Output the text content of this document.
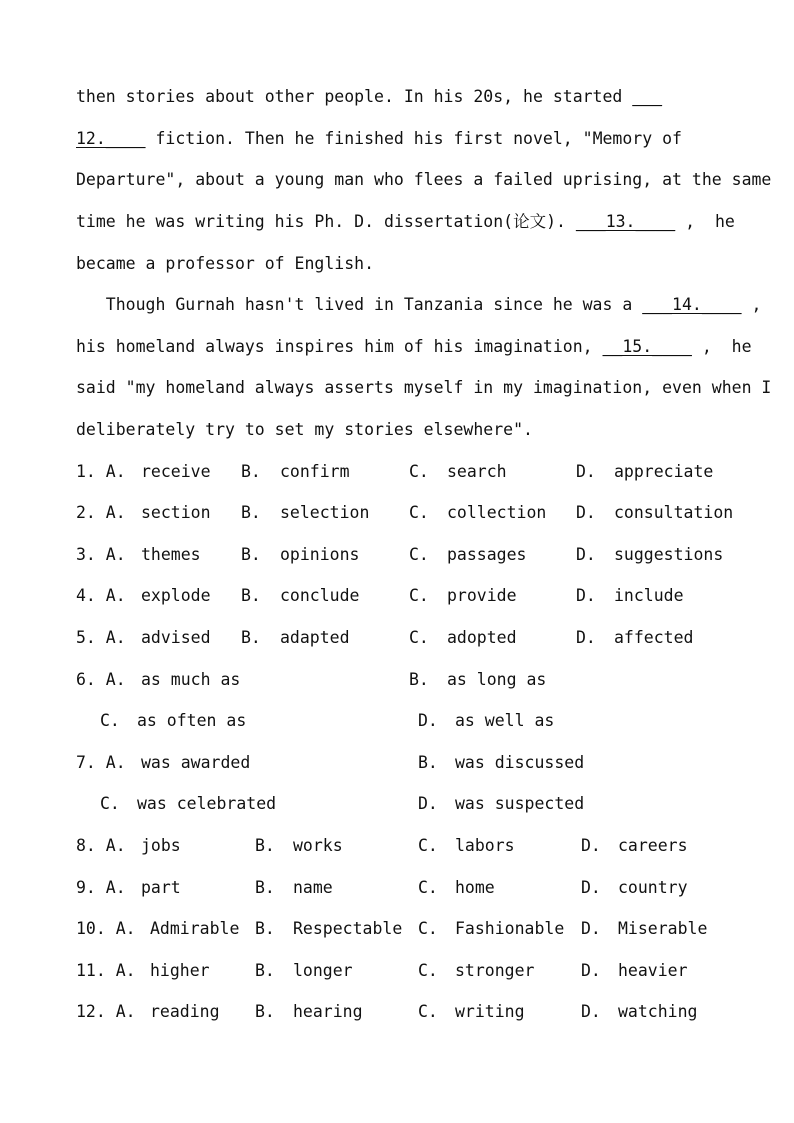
then stories about other people. In his 20s, he started ___
12.____ fiction. Then he finished his first novel, "Memory of
Departure", about a young man who flees a failed uprising, at the same
time he was writing his Ph. D. dissertation(论文). ___13.____ ,  he
became a professor of English.
Though Gurnah hasn't lived in Tanzania since he was a ___14.____ ,
his homeland always inspires him of his imagination, __15.____ ,  he
said "my homeland always asserts myself in my imagination, even when I
deliberately try to set my stories elsewhere".
1. A. receive B. confirm	C. search	D. appreciate
2. A. section B. selection C. collection D. consultation
3. A. themes B. opinions	C. passages	D. suggestions
4. A. explode B. conclude	C. provide	D. include
5. A. advised B. adapted	C. adopted	D. affected
6. A. as much as	B. as long as
C. as often as	D. as well as
7. A. was awarded	B. was discussed
C. was celebrated	D. was suspected
8. A. jobs	B. works	C. labors	D. careers
9. A. part	B. name	C. home	D. country
10. A. Admirable B. Respectable C. Fashionable D. Miserable
11. A. higher	B. longer	C. stronger	D. heavier
12. A. reading B. hearing	C. writing	D. watching
